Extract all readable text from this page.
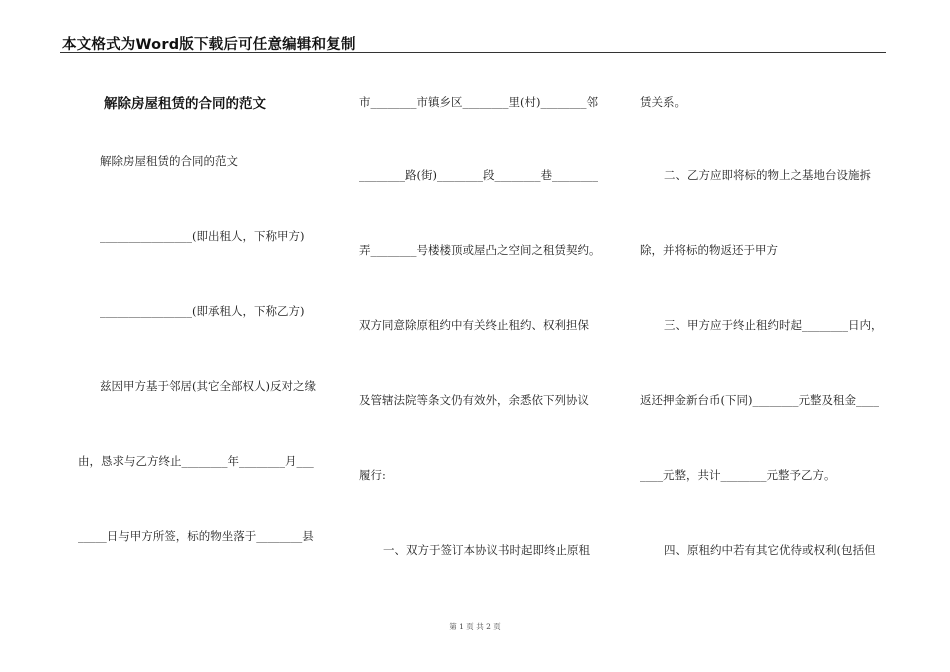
本文格式为Word版下载后可任意编辑和复制
解除房屋租赁的合同的范文
解除房屋租赁的合同的范文
________________(即出租人，下称甲方)
________________(即承租人，下称乙方)
兹因甲方基于邻居(其它全部权人)反对之缘
由，恳求与乙方终止________年________月___
_____日与甲方所签，标的物坐落于________县
市________市镇乡区________里(村)________邻
________路(街)________段________巷________
弄________号楼楼顶或屋凸之空间之租赁契约。
双方同意除原租约中有关终止租约、权利担保
及管辖法院等条文仍有效外，余悉依下列协议
履行:
一、双方于签订本协议书时起即终止原租
赁关系。
二、乙方应即将标的物上之基地台设施拆
除，并将标的物返还于甲方
三、甲方应于终止租约时起________日内，
返还押金新台币(下同)________元整及租金____
____元整，共计________元整予乙方。
四、原租约中若有其它优待或权利(包括但
第 1 页 共 2 页
